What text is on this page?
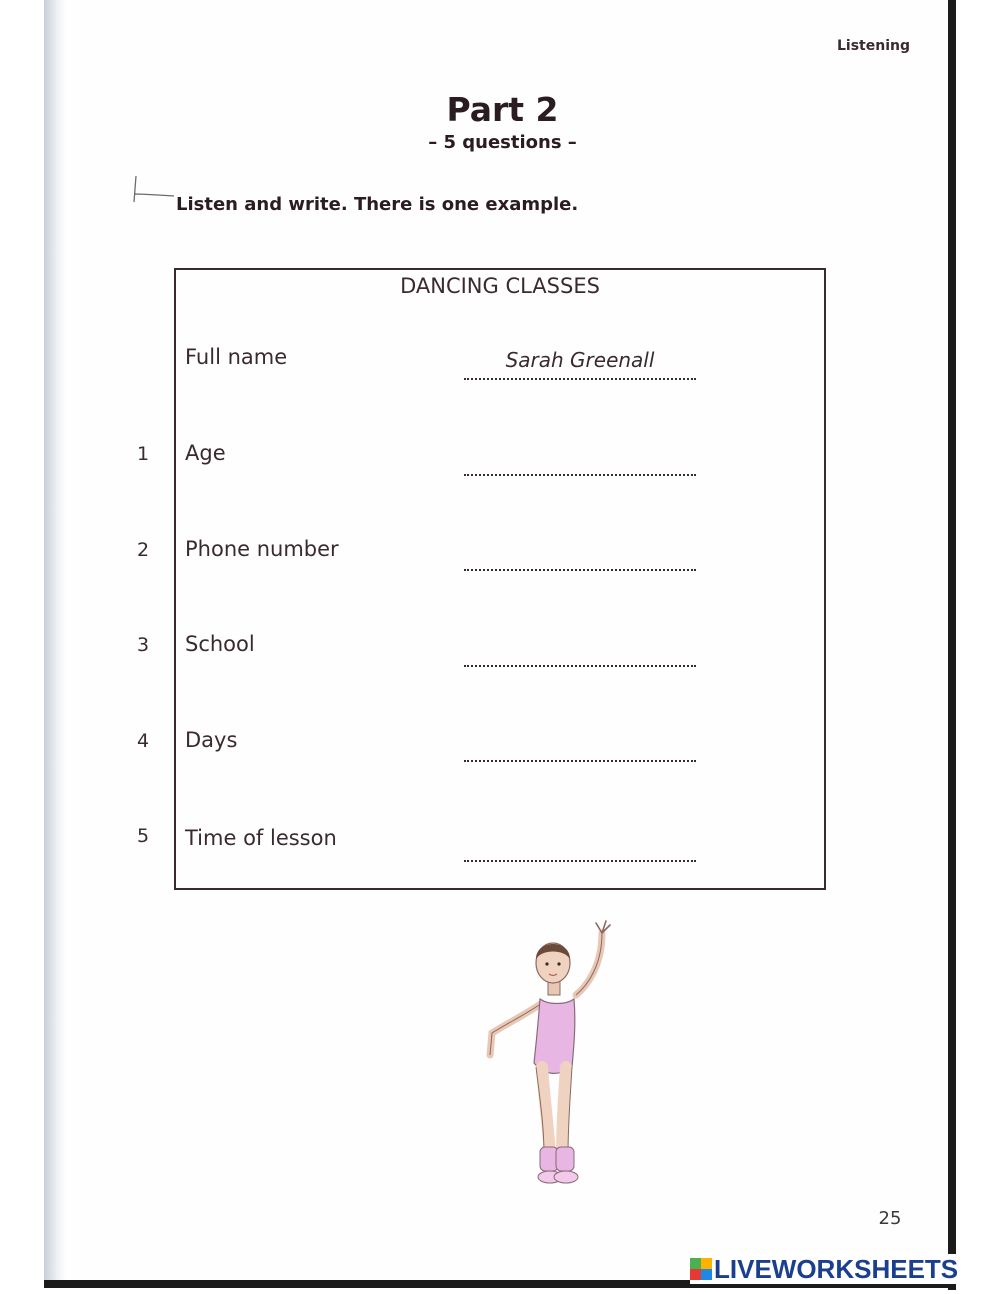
Listening
Part 2
– 5 questions –
Listen and write. There is one example.
DANCING CLASSES
Full name	Sarah Greenall
1	Age
2	Phone number
3	School
4	Days
5	Time of lesson
25
LIVEWORKSHEETS
